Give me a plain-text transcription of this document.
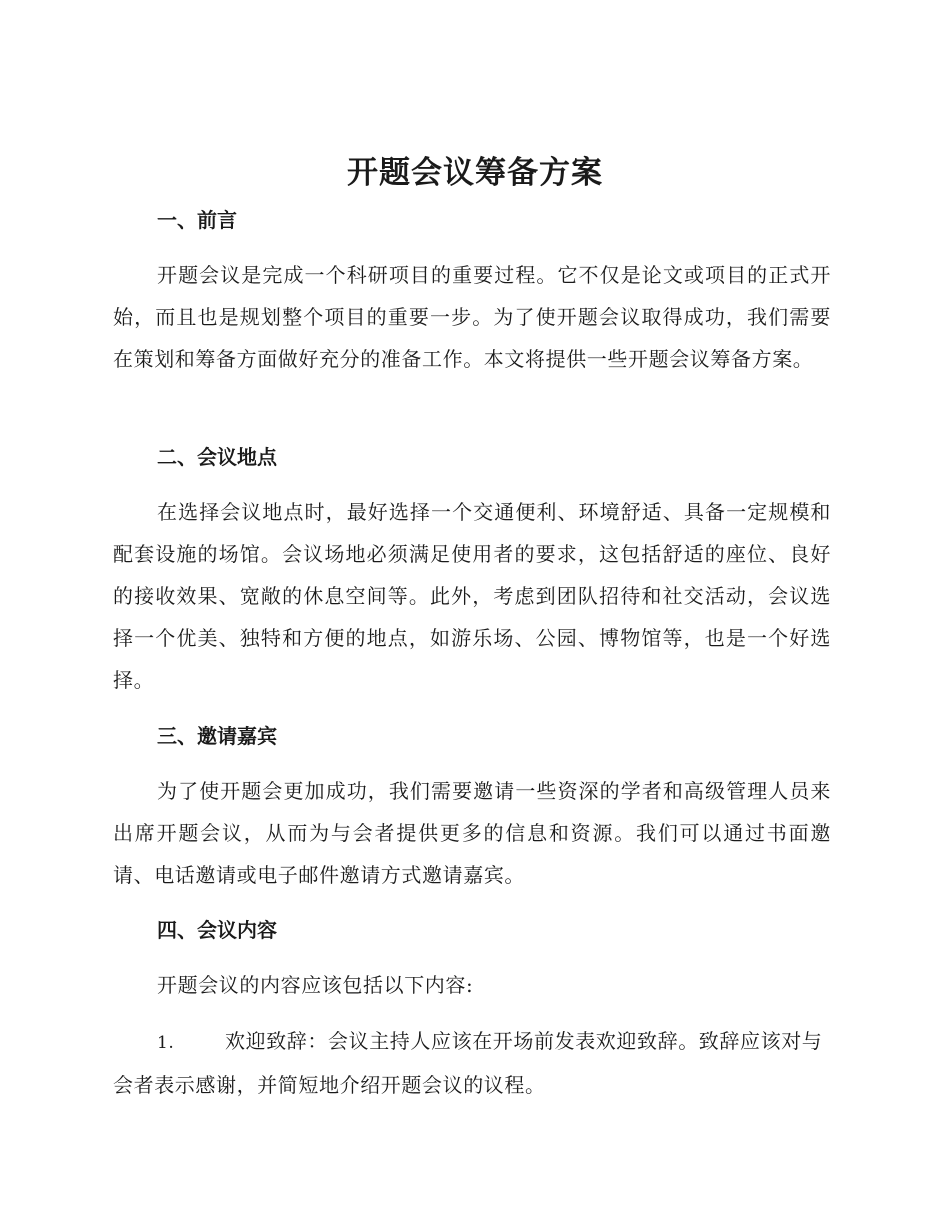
开题会议筹备方案
一、前言
开题会议是完成一个科研项目的重要过程。它不仅是论文或项目的正式开始，而且也是规划整个项目的重要一步。为了使开题会议取得成功，我们需要在策划和筹备方面做好充分的准备工作。本文将提供一些开题会议筹备方案。
二、会议地点
在选择会议地点时，最好选择一个交通便利、环境舒适、具备一定规模和配套设施的场馆。会议场地必须满足使用者的要求，这包括舒适的座位、良好的接收效果、宽敞的休息空间等。此外，考虑到团队招待和社交活动，会议选择一个优美、独特和方便的地点，如游乐场、公园、博物馆等，也是一个好选择。
三、邀请嘉宾
为了使开题会更加成功，我们需要邀请一些资深的学者和高级管理人员来出席开题会议，从而为与会者提供更多的信息和资源。我们可以通过书面邀请、电话邀请或电子邮件邀请方式邀请嘉宾。
四、会议内容
开题会议的内容应该包括以下内容:
1.	欢迎致辞：会议主持人应该在开场前发表欢迎致辞。致辞应该对与会者表示感谢，并简短地介绍开题会议的议程。
